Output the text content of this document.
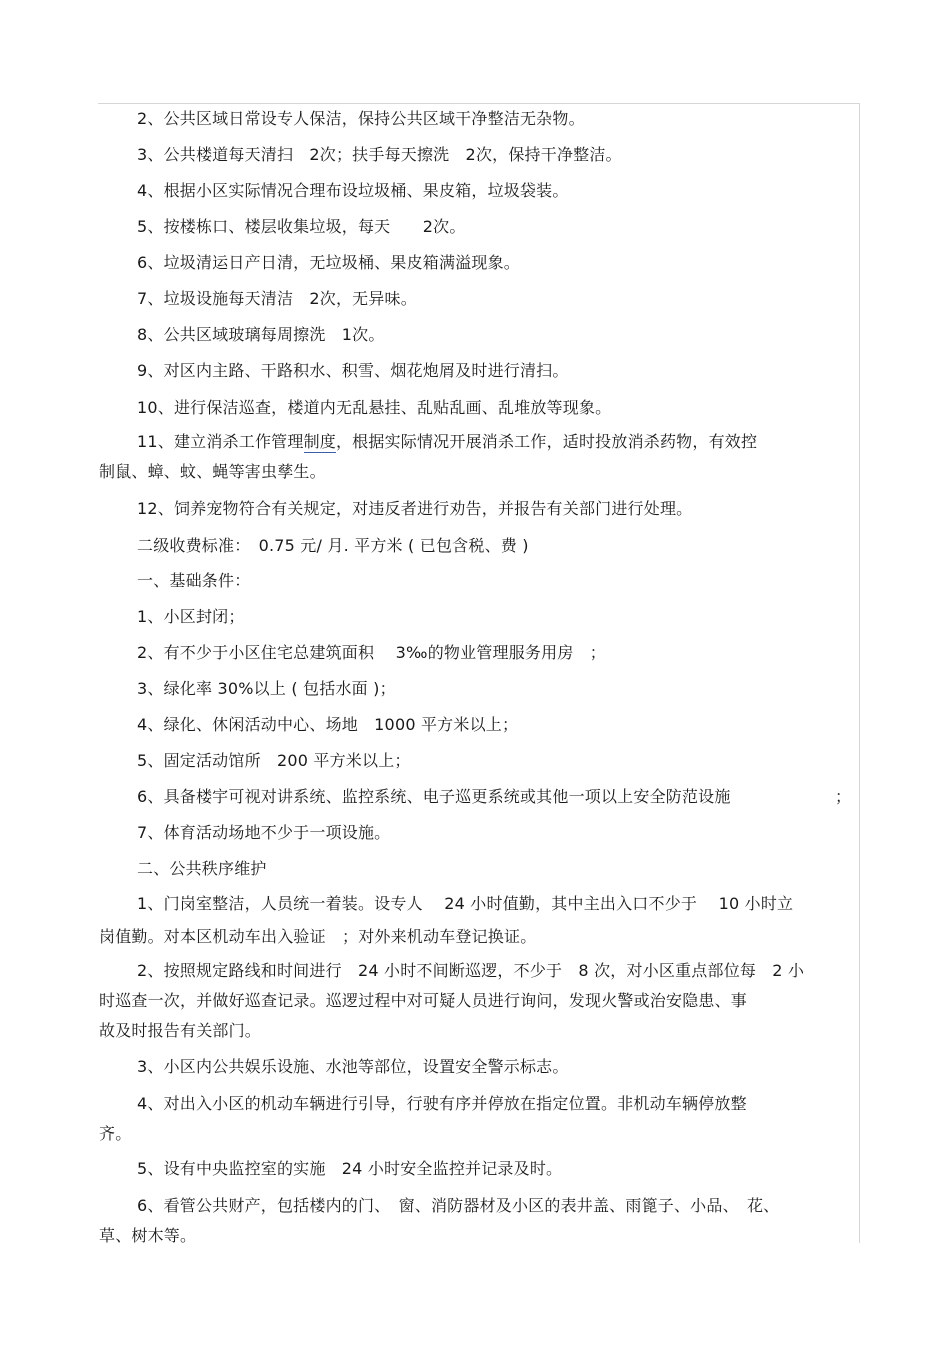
2、公共区域日常设专人保洁，保持公共区域干净整洁无杂物。
3、公共楼道每天清扫　2次；扶手每天擦洗　2次，保持干净整洁。
4、根据小区实际情况合理布设垃圾桶、果皮箱，垃圾袋装。
5、按楼栋口、楼层收集垃圾，每天　　2次。
6、垃圾清运日产日清，无垃圾桶、果皮箱满溢现象。
7、垃圾设施每天清洁　2次，无异味。
8、公共区域玻璃每周擦洗　1次。
9、对区内主路、干路积水、积雪、烟花炮屑及时进行清扫。
10、进行保洁巡查，楼道内无乱悬挂、乱贴乱画、乱堆放等现象。
11、建立消杀工作管理制度，根据实际情况开展消杀工作，适时投放消杀药物，有效控
制鼠、蟑、蚊、蝇等害虫孳生。
12、饲养宠物符合有关规定，对违反者进行劝告，并报告有关部门进行处理。
二级收费标准：　0.75 元/ 月. 平方米 ( 已包含税、费 )
一、基础条件：
1、小区封闭；
2、有不少于小区住宅总建筑面积　 3‰的物业管理服务用房　；
3、绿化率 30%以上 ( 包括水面 )；
4、绿化、休闲活动中心、场地　1000 平方米以上；
5、固定活动馆所　200 平方米以上；
6、具备楼宇可视对讲系统、监控系统、电子巡更系统或其他一项以上安全防范设施	；
7、体育活动场地不少于一项设施。
二、公共秩序维护
1、门岗室整洁，人员统一着装。设专人　 24 小时值勤，其中主出入口不少于　 10 小时立
岗值勤。对本区机动车出入验证　；对外来机动车登记换证。
2、按照规定路线和时间进行　24 小时不间断巡逻，不少于　8 次，对小区重点部位每　2 小
时巡查一次，并做好巡查记录。巡逻过程中对可疑人员进行询问，发现火警或治安隐患、事
故及时报告有关部门。
3、小区内公共娱乐设施、水池等部位，设置安全警示标志。
4、对出入小区的机动车辆进行引导，行驶有序并停放在指定位置。非机动车辆停放整
齐。
5、设有中央监控室的实施　24 小时安全监控并记录及时。
6、看管公共财产，包括楼内的门、　窗、消防器材及小区的表井盖、雨篦子、小品、　花、
草、树木等。
